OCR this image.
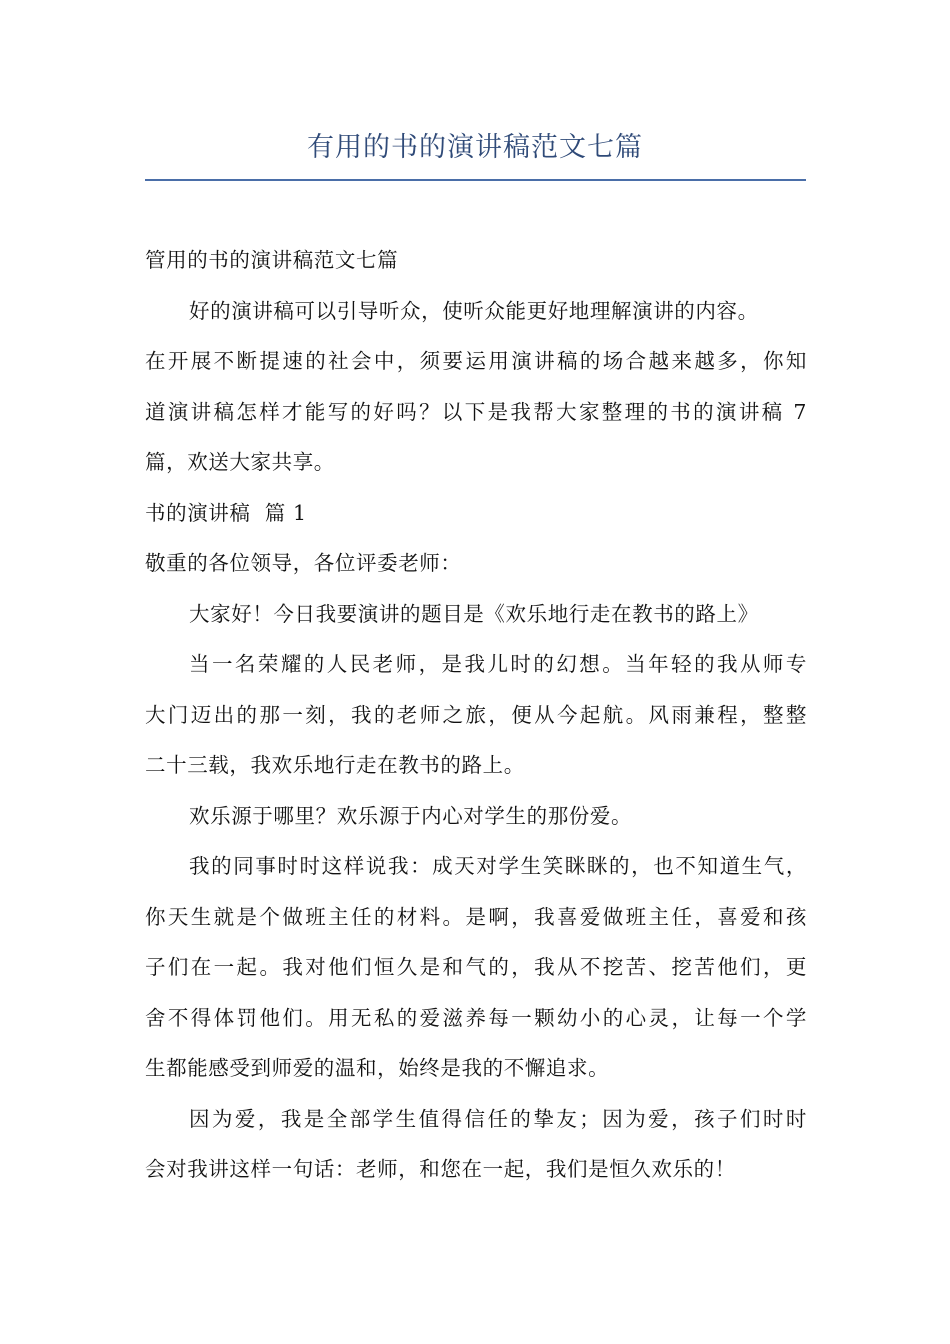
有用的书的演讲稿范文七篇
管用的书的演讲稿范文七篇
好的演讲稿可以引导听众，使听众能更好地理解演讲的内容。
在开展不断提速的社会中，须要运用演讲稿的场合越来越多，你知
道演讲稿怎样才能写的好吗？以下是我帮大家整理的书的演讲稿 7
篇，欢送大家共享。
书的演讲稿  篇 1
敬重的各位领导，各位评委老师：
大家好！今日我要演讲的题目是《欢乐地行走在教书的路上》
当一名荣耀的人民老师，是我儿时的幻想。当年轻的我从师专
大门迈出的那一刻，我的老师之旅，便从今起航。风雨兼程，整整
二十三载，我欢乐地行走在教书的路上。
欢乐源于哪里？欢乐源于内心对学生的那份爱。
我的同事时时这样说我：成天对学生笑眯眯的，也不知道生气，
你天生就是个做班主任的材料。是啊，我喜爱做班主任，喜爱和孩
子们在一起。我对他们恒久是和气的，我从不挖苦、挖苦他们，更
舍不得体罚他们。用无私的爱滋养每一颗幼小的心灵，让每一个学
生都能感受到师爱的温和，始终是我的不懈追求。
因为爱，我是全部学生值得信任的挚友；因为爱，孩子们时时
会对我讲这样一句话：老师，和您在一起，我们是恒久欢乐的！
